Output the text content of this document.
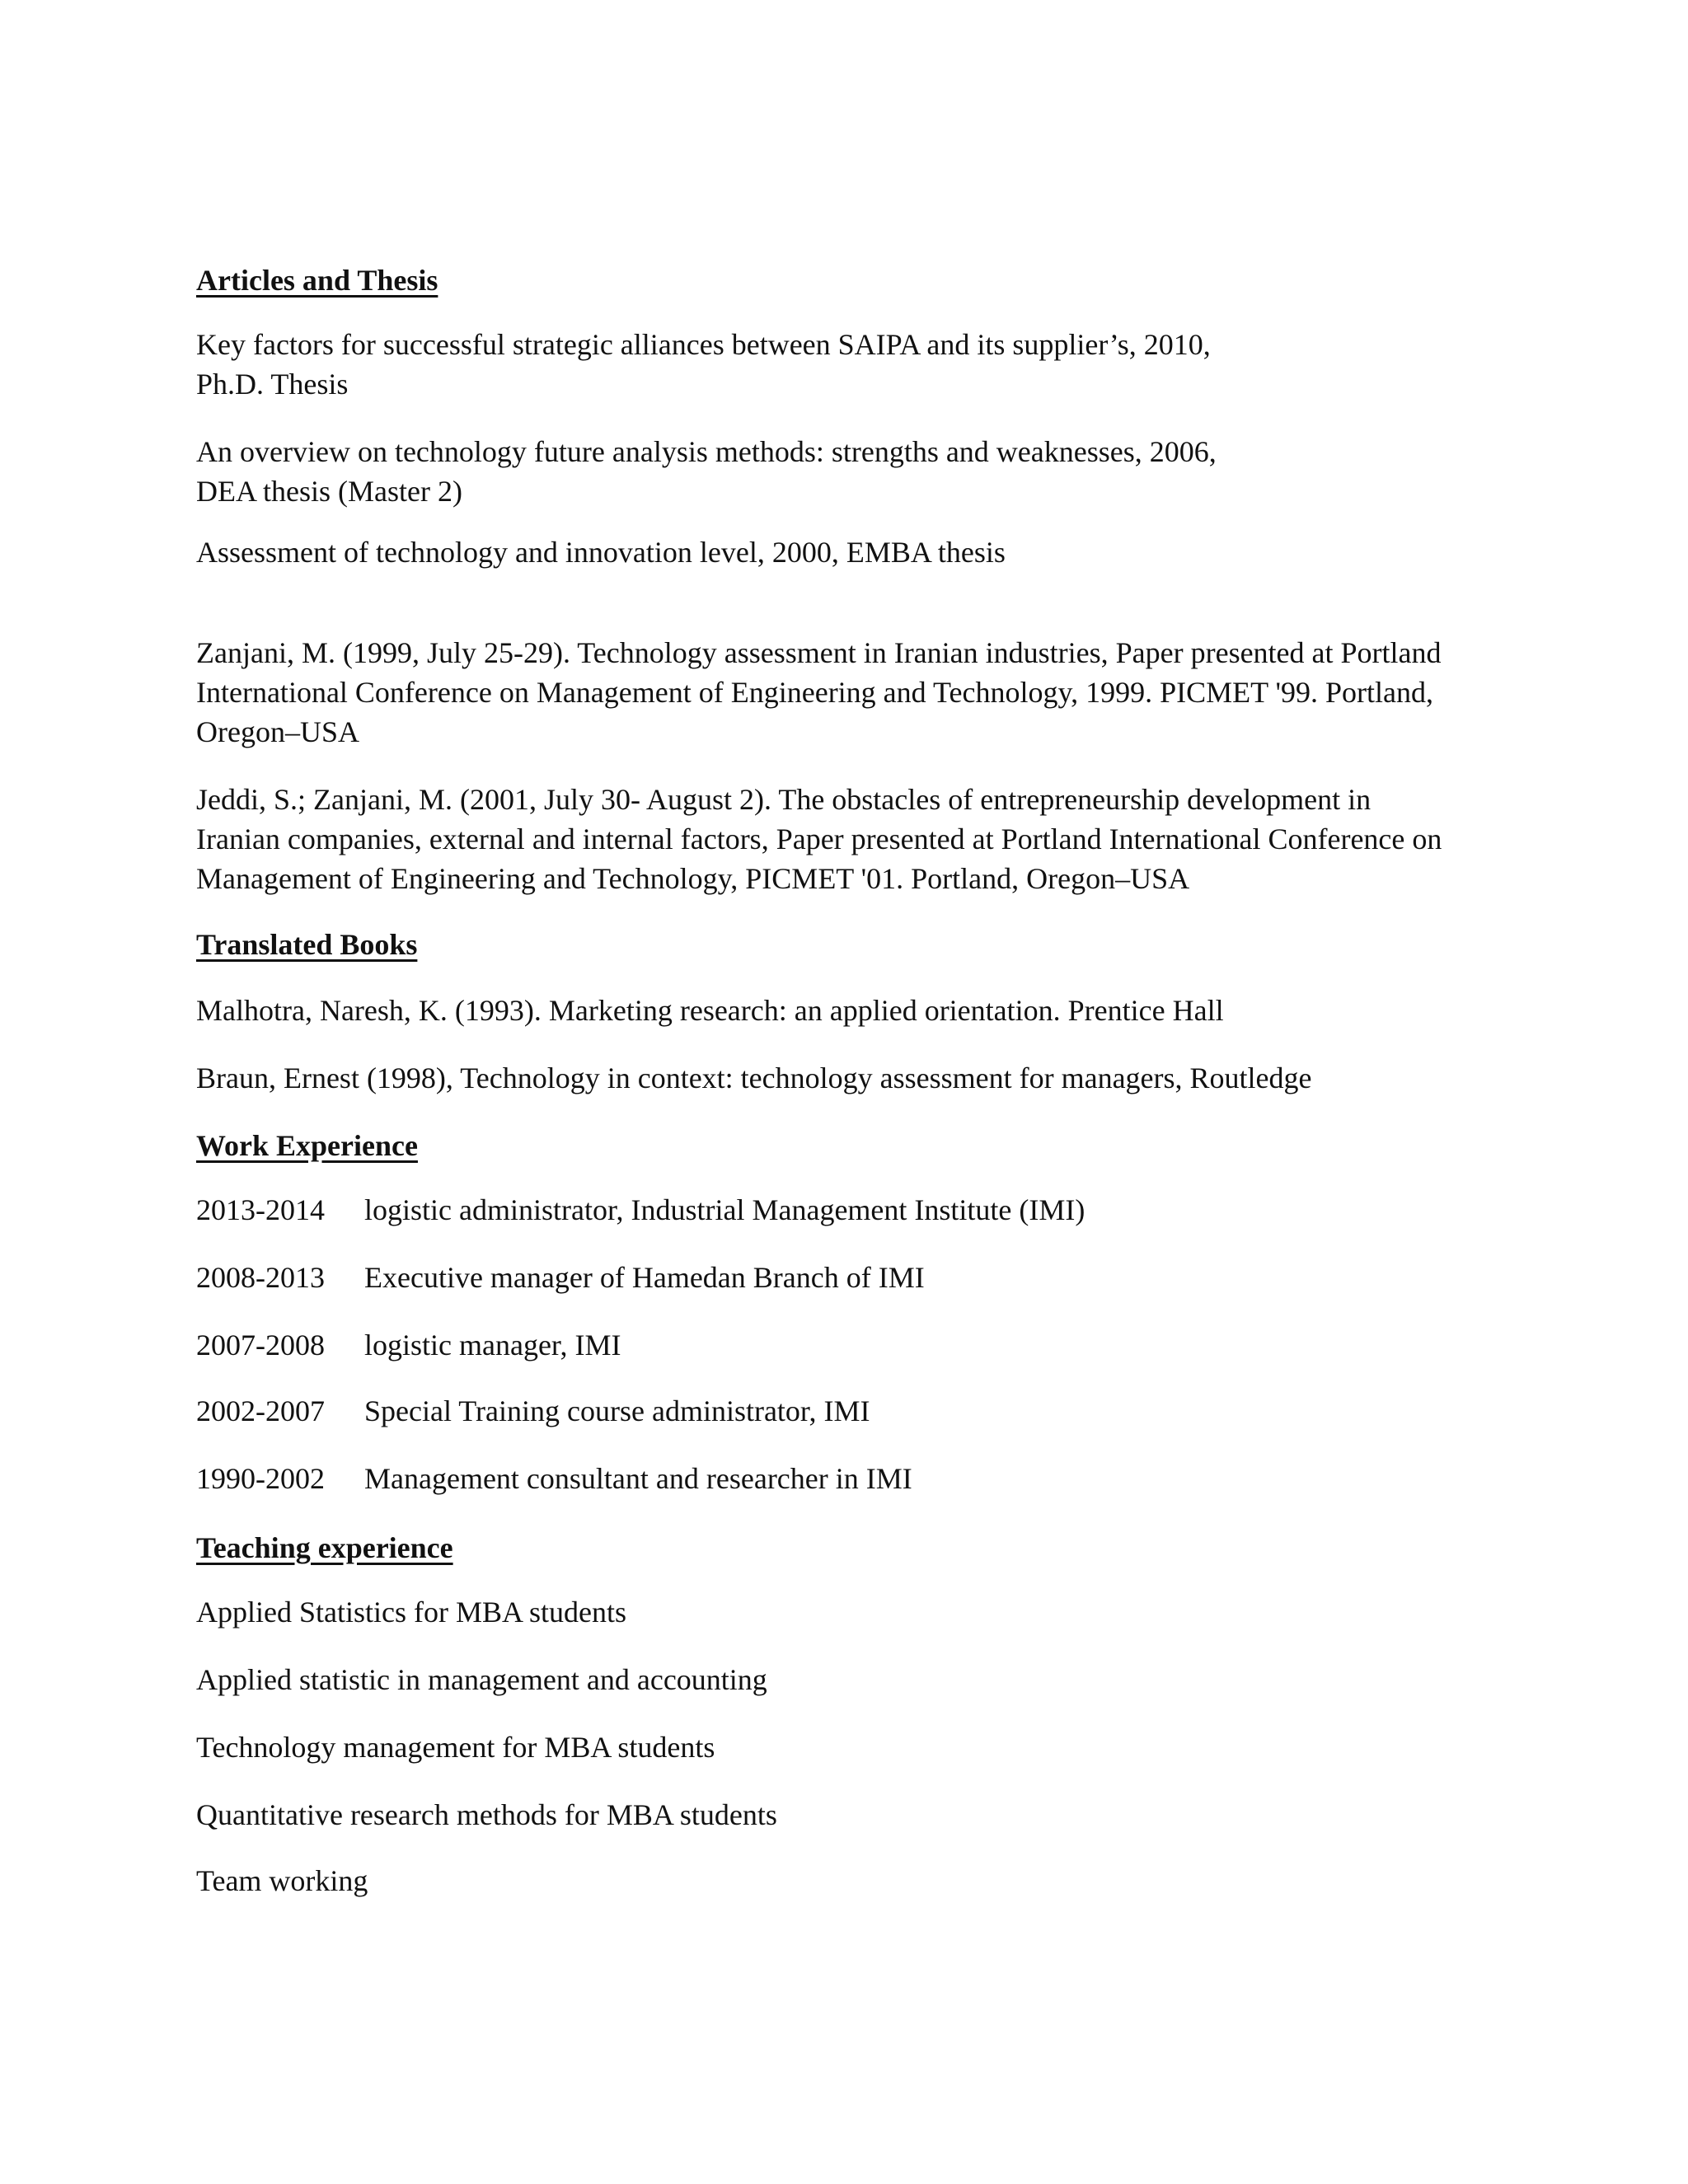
Articles and Thesis
Key factors for successful strategic alliances between SAIPA and its supplier’s, 2010,
Ph.D. Thesis
An overview on technology future analysis methods: strengths and weaknesses, 2006,
DEA thesis (Master 2)
Assessment of technology and innovation level, 2000, EMBA thesis
Zanjani, M. (1999, July 25-29). Technology assessment in Iranian industries, Paper presented at Portland
International Conference on Management of Engineering and Technology, 1999. PICMET '99. Portland,
Oregon–USA
Jeddi, S.; Zanjani, M. (2001, July 30- August 2). The obstacles of entrepreneurship development in
Iranian companies, external and internal factors, Paper presented at Portland International Conference on
Management of Engineering and Technology, PICMET '01. Portland, Oregon–USA
Translated Books
Malhotra, Naresh, K. (1993). Marketing research: an applied orientation. Prentice Hall
Braun, Ernest (1998), Technology in context: technology assessment for managers, Routledge
Work Experience
2013-2014 logistic administrator, Industrial Management Institute (IMI)
2008-2013 Executive manager of Hamedan Branch of IMI
2007-2008 logistic manager, IMI
2002-2007 Special Training course administrator, IMI
1990-2002 Management consultant and researcher in IMI
Teaching experience
Applied Statistics for MBA students
Applied statistic in management and accounting
Technology management for MBA students
Quantitative research methods for MBA students
Team working
